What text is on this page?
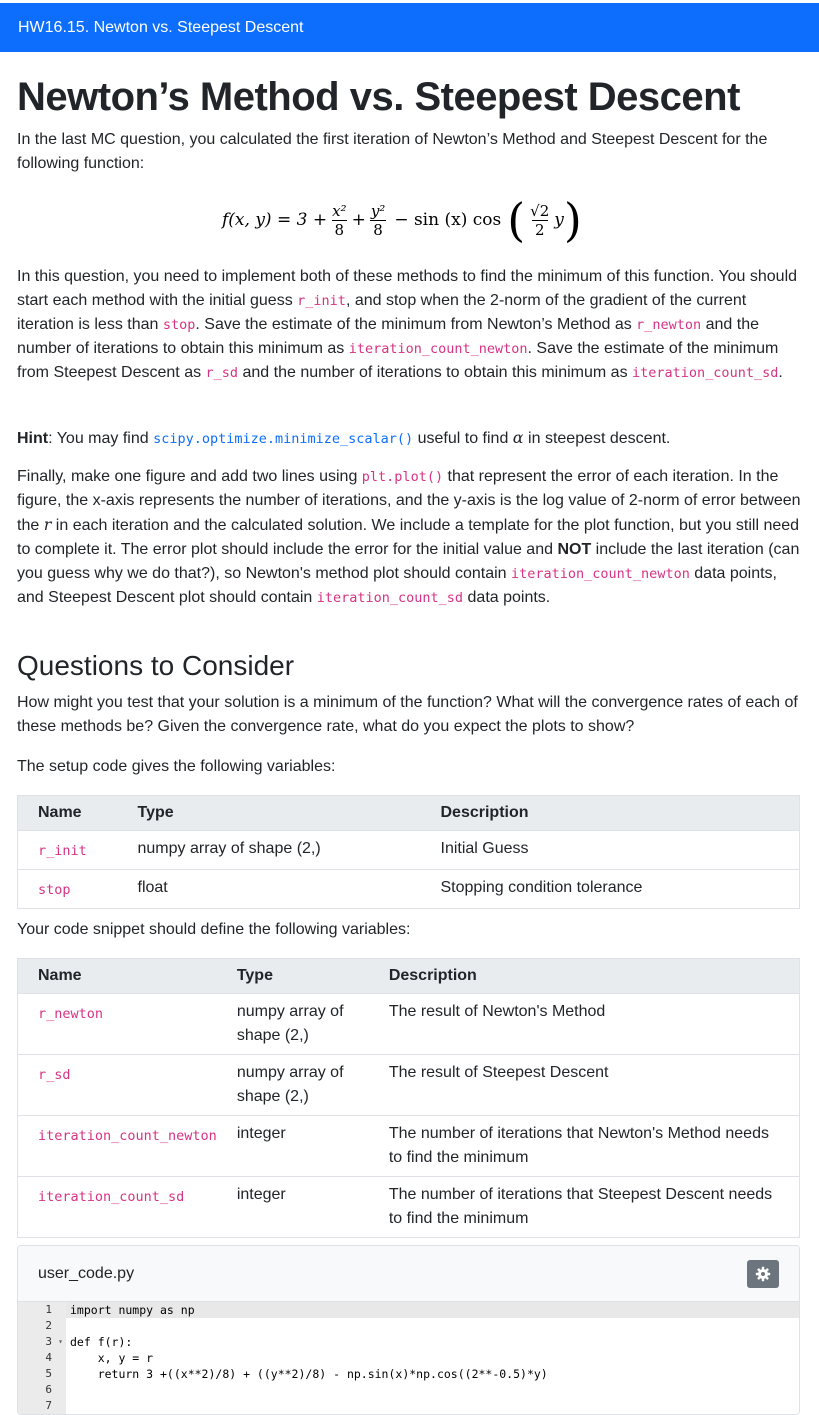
HW16.15. Newton vs. Steepest Descent
Newton’s Method vs. Steepest Descent

In the last MC question, you calculated the first iteration of Newton’s Method and Steepest Descent for the following function:

f(x, $y) = 3 + \frac{\text{x²}}{8} + \frac{\text{y²}}{8} - \sin (x)$ cos ( $\frac{√2}{2}$ y )

In this question, you need to implement both of these methods to find the minimum of this function. You should start each method with the initial guess r_init, and stop when the 2-norm of the gradient of the current iteration is less than stop. Save the estimate of the minimum from Newton’s Method as r_newton and the number of iterations to obtain this minimum as iteration_count_newton. Save the estimate of the minimum from Steepest Descent as r_sd and the number of iterations to obtain this minimum as iteration_count_sd.

Hint: You may find scipy.optimize.minimize_scalar() useful to find α in steepest descent.

Finally, make one figure and add two lines using plt.plot() that represent the error of each iteration. In the figure, the x-axis represents the number of iterations, and the y-axis is the log value of 2-norm of error between the r in each iteration and the calculated solution. We include a template for the plot function, but you still need to complete it. The error plot should include the error for the initial value and NOT include the last iteration (can you guess why we do that?), so Newton's method plot should contain iteration_count_newton data points, and Steepest Descent plot should contain iteration_count_sd data points.

Questions to Consider

How might you test that your solution is a minimum of the function? What will the convergence rates of each of these methods be? Given the convergence rate, what do you expect the plots to show?

The setup code gives the following variables:

Name	Type	Description
r_init	numpy array of shape (2,)	Initial Guess
stop	float	Stopping condition tolerance

Your code snippet should define the following variables:

Name	Type	Description
r_newton	numpy array of shape (2,)	The result of Newton's Method
r_sd	numpy array of shape (2,)	The result of Steepest Descent
iteration_count_newton	integer	The number of iterations that Newton's Method needs to find the minimum
iteration_count_sd	integer	The number of iterations that Steepest Descent needs to find the minimum
user_code.py
1
2
3 ▾
4
5
6
7
import numpy as np
def f(r):
x, y = r
return 3 +((x**2)/8) + ((y**2)/8) - np.sin(x)*np.cos((2**-0.5)*y)
